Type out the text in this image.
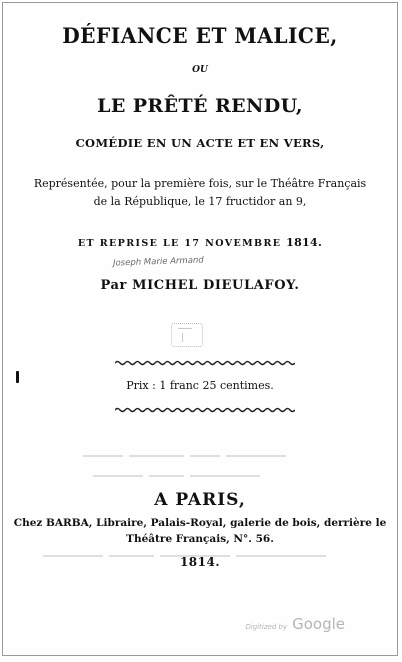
DÉFIANCE ET MALICE,
OU
LE PRÊTÉ RENDU,
COMÉDIE EN UN ACTE ET EN VERS,
Représentée, pour la première fois, sur le Théâtre Français
de la République, le 17 fructidor an 9,
ET REPRISE LE 17 NOVEMBRE 1814.
Joseph Marie Armand
Par MICHEL DIEULAFOY.
Prix : 1 franc 25 centimes.
A PARIS,
Chez BARBA, Libraire, Palais-Royal, galerie de bois, derrière le
Théâtre Français, N°. 56.
1814.
Digitized by Google
